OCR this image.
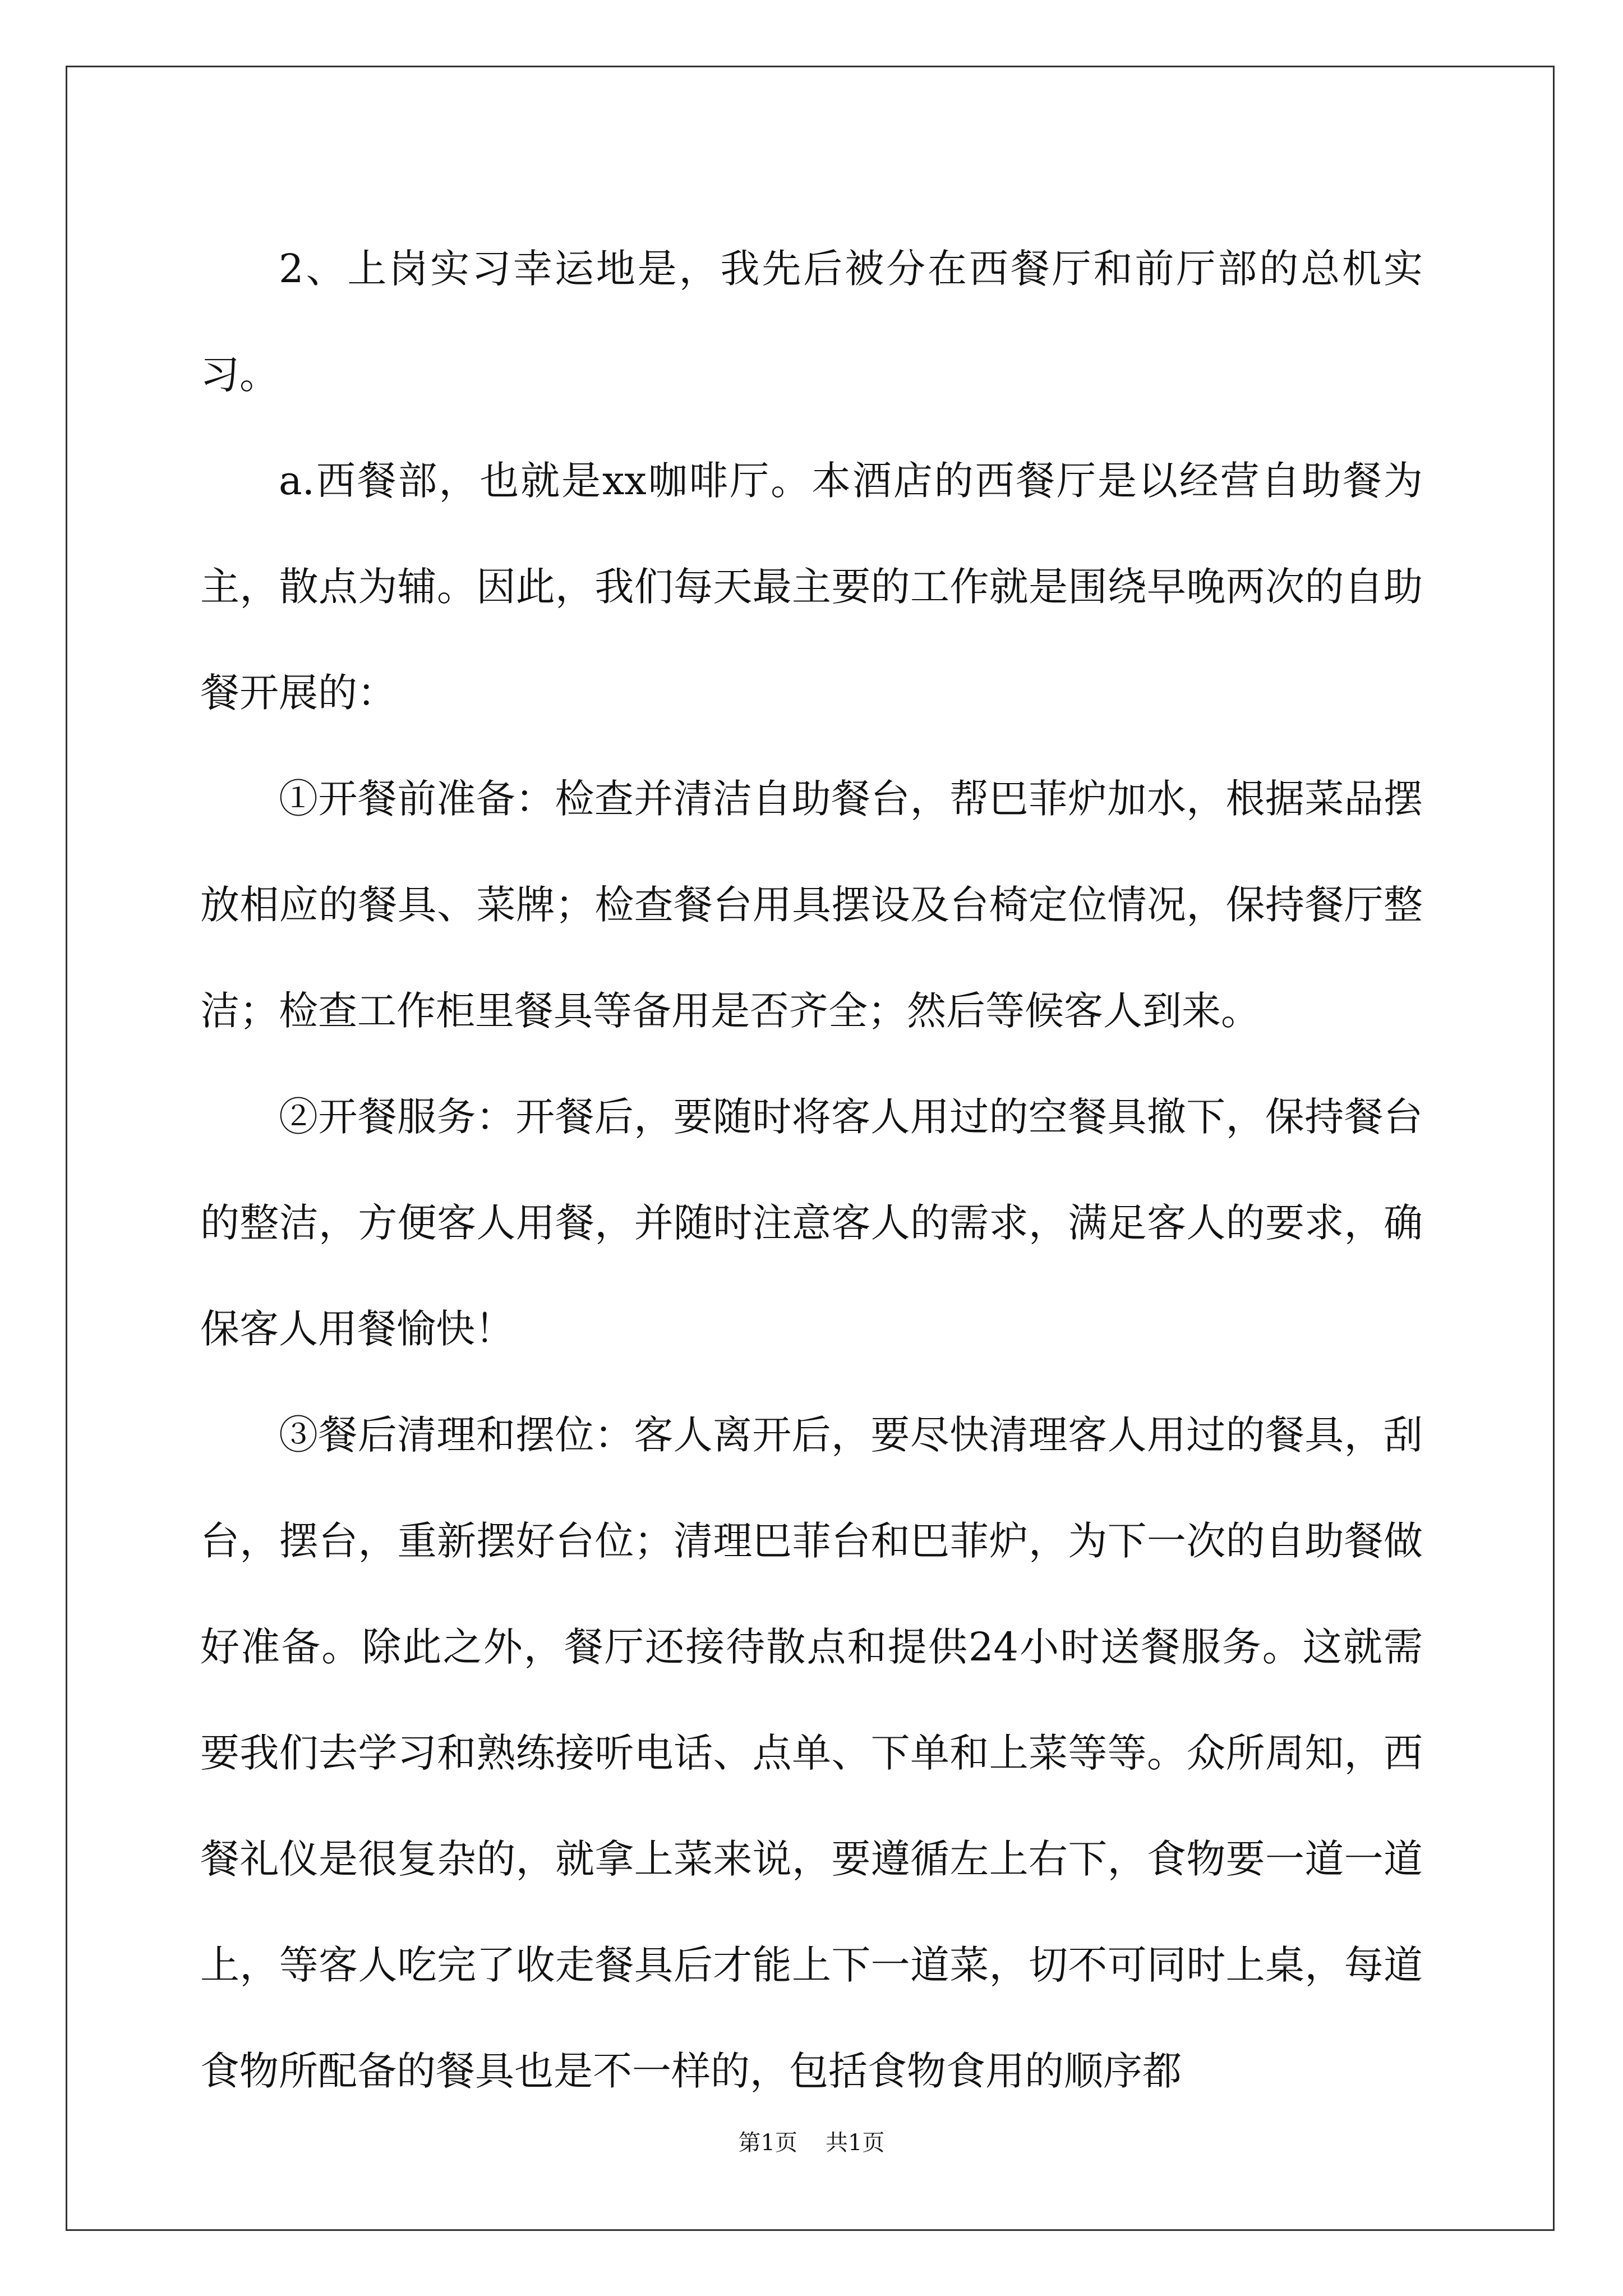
2、上岗实习幸运地是，我先后被分在西餐厅和前厅部的总机实习。

a.西餐部，也就是xx咖啡厅。本酒店的西餐厅是以经营自助餐为主，散点为辅。因此，我们每天最主要的工作就是围绕早晚两次的自助餐开展的：

①开餐前准备：检查并清洁自助餐台，帮巴菲炉加水，根据菜品摆放相应的餐具、菜牌；检查餐台用具摆设及台椅定位情况，保持餐厅整洁；检查工作柜里餐具等备用是否齐全；然后等候客人到来。

②开餐服务：开餐后，要随时将客人用过的空餐具撤下，保持餐台的整洁，方便客人用餐，并随时注意客人的需求，满足客人的要求，确保客人用餐愉快！

③餐后清理和摆位：客人离开后，要尽快清理客人用过的餐具，刮台，摆台，重新摆好台位；清理巴菲台和巴菲炉，为下一次的自助餐做好准备。除此之外，餐厅还接待散点和提供24小时送餐服务。这就需要我们去学习和熟练接听电话、点单、下单和上菜等等。众所周知，西餐礼仪是很复杂的，就拿上菜来说，要遵循左上右下，食物要一道一道上，等客人吃完了收走餐具后才能上下一道菜，切不可同时上桌，每道食物所配备的餐具也是不一样的，包括食物食用的顺序都

第1页 共1页
